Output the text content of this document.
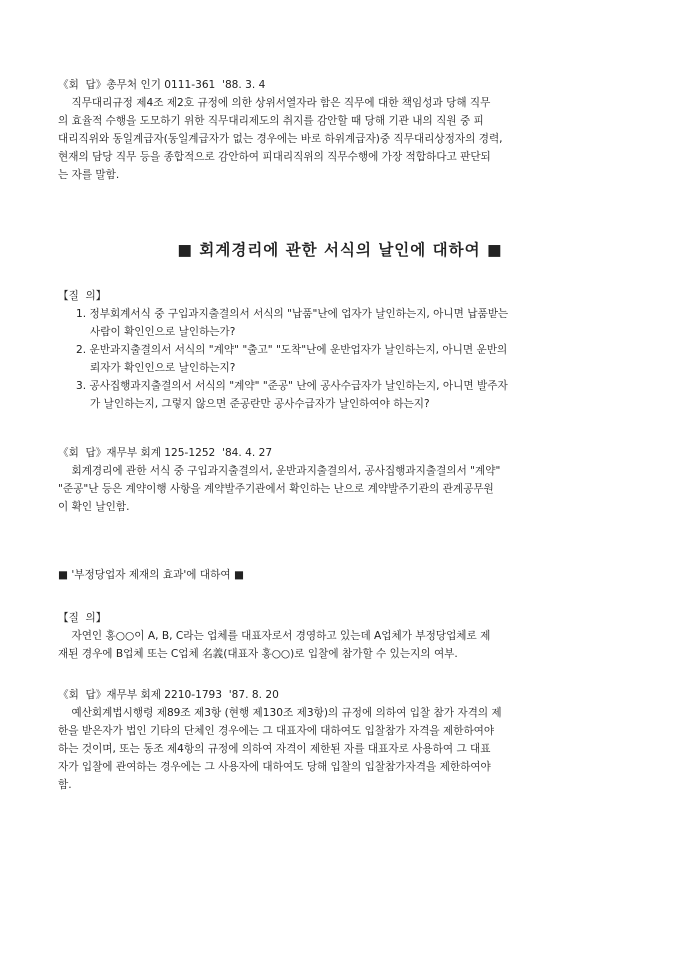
《회  답》총무처 인기 0111-361  '88. 3. 4
직무대리규정 제4조 제2호 규정에 의한 상위서열자라 함은 직무에 대한 책임성과 당해 직무
의 효율적 수행을 도모하기 위한 직무대리제도의 취지를 감안할 때 당해 기관 내의 직원 중 피
대리직위와 동일계급자(동일계급자가 없는 경우에는 바로 하위계급자)중 직무대리상정자의 경력,
현재의 담당 직무 등을 종합적으로 감안하여 피대리직위의 직무수행에 가장 적합하다고 판단되
는 자를 말함.
■ 회계경리에 관한 서식의 날인에 대하여 ■
【질  의】
1. 정부회계서식 중 구입과지출결의서 서식의 "납품"난에 업자가 날인하는지, 아니면 납품받는
사람이 확인인으로 날인하는가?
2. 운반과지출결의서 서식의 "계약" "출고" "도착"난에 운반업자가 날인하는지, 아니면 운반의
뢰자가 확인인으로 날인하는지?
3. 공사집행과지출결의서 서식의 "계약" "준공" 난에 공사수급자가 날인하는지, 아니면 발주자
가 날인하는지, 그렇지 않으면 준공란만 공사수급자가 날인하여야 하는지?
《회  답》재무부 회계 125-1252  '84. 4. 27
회계경리에 관한 서식 중 구입과지출결의서, 운반과지출결의서, 공사집행과지출결의서 "계약"
"준공"난 등은 계약이행 사항을 계약발주기관에서 확인하는 난으로 계약발주기관의 관계공무원
이 확인 날인함.
■ '부정당업자 제재의 효과'에 대하여 ■
【질  의】
자연인 홍○○이 A, B, C라는 업체를 대표자로서 경영하고 있는데 A업체가 부정당업체로 제
재된 경우에 B업체 또는 C업체 名義(대표자 홍○○)로 입찰에 참가할 수 있는지의 여부.
《회  답》재무부 회제 2210-1793  '87. 8. 20
예산회계법시행령 제89조 제3항 (현행 제130조 제3항)의 규정에 의하여 입찰 참가 자격의 제
한을 받은자가 법인 기타의 단체인 경우에는 그 대표자에 대하여도 입찰참가 자격을 제한하여야
하는 것이며, 또는 동조 제4항의 규정에 의하여 자격이 제한된 자를 대표자로 사용하여 그 대표
자가 입찰에 관여하는 경우에는 그 사용자에 대하여도 당해 입찰의 입찰참가자격을 제한하여야
함.
